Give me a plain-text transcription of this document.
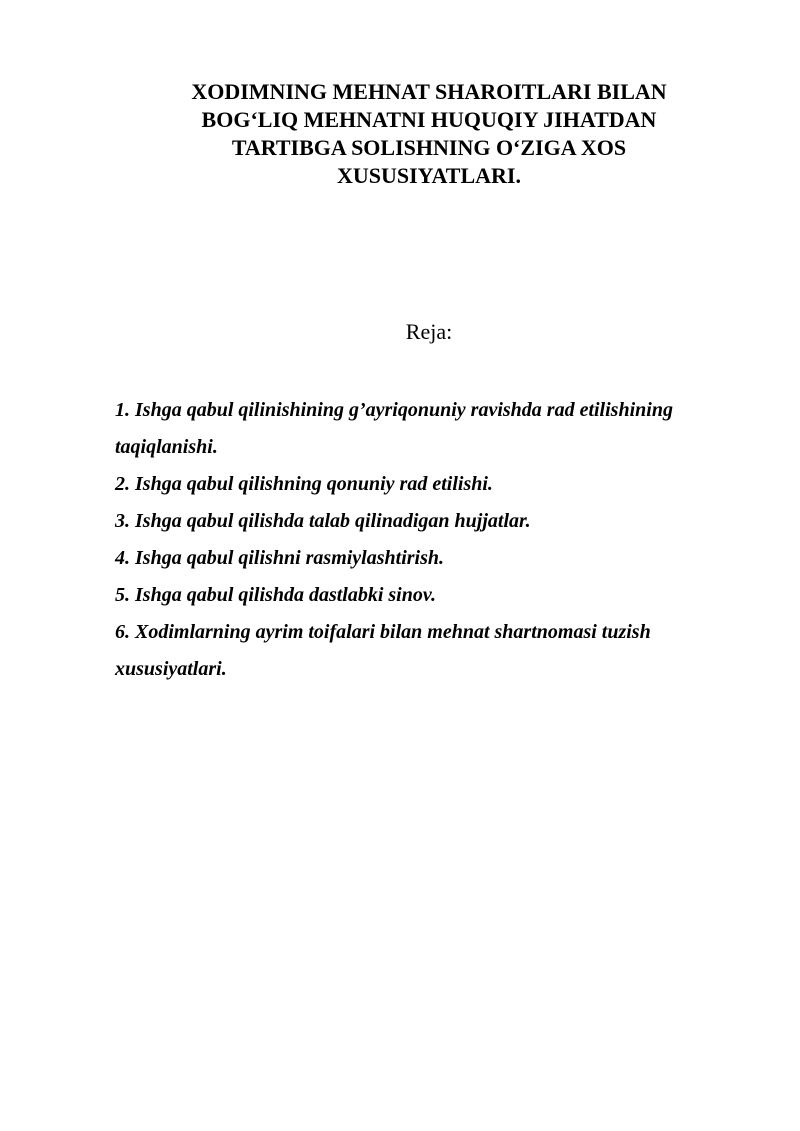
XODIMNING MEHNAT SHAROITLARI BILAN
BOG‘LIQ MEHNATNI HUQUQIY JIHATDAN
TARTIBGA SOLISHNING O‘ZIGA XOS
XUSUSIYATLARI.

Reja:

1. Ishga qabul qilinishining g’ayriqonuniy ravishda rad etilishining
taqiqlanishi.
2. Ishga qabul qilishning qonuniy rad etilishi.
3. Ishga qabul qilishda talab qilinadigan hujjatlar.
4. Ishga qabul qilishni rasmiylashtirish.
5. Ishga qabul qilishda dastlabki sinov.
6. Xodimlarning ayrim toifalari bilan mehnat shartnomasi tuzish
xususiyatlari.
